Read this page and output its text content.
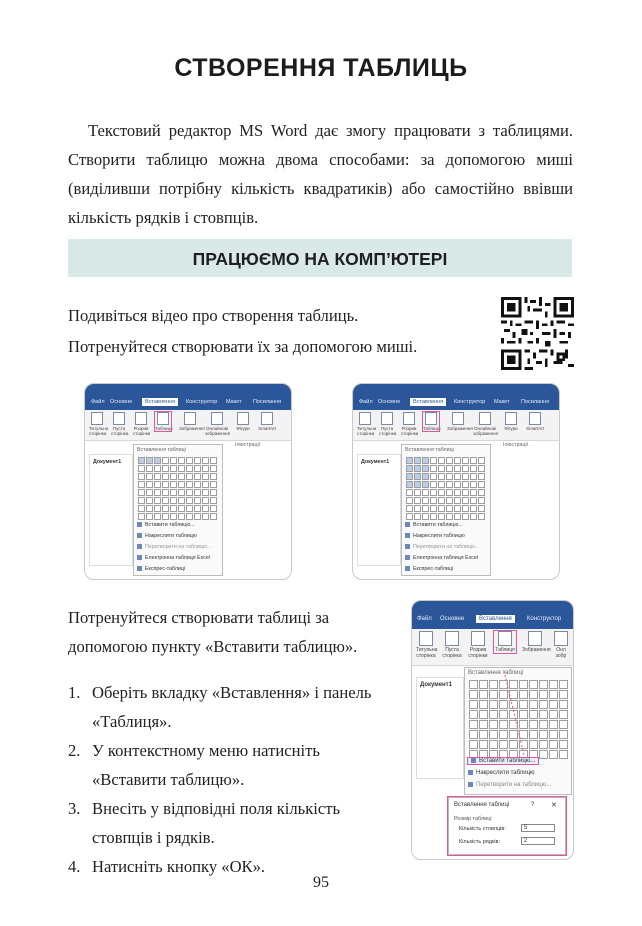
СТВОРЕННЯ ТАБЛИЦЬ

Текстовий редактор MS Word дає змогу працювати з таблицями. Створити таблицю можна двома способами: за допомогою миші (виділивши потрібну кількість квадратиків) або самостійно ввівши кількість рядків і стовпців.

ПРАЦЮЄМО НА КОМП’ЮТЕРІ
Подивіться відео про створення таблиць.
Потренуйтеся створювати їх за допомогою миші.
Файл Основне	Вставлення	Конструктор Макет Посилання
Титульна сторінка
Пуста сторінка
Розрив сторінки
Таблиця Зображення Онлайнові зображення
Фігури	SmartArt
Документ1
Вставлення таблиці
Вставити таблицю...
Накреслити таблицю
Перетворити на таблицю...
Електронна таблиця Excel
Експрес-таблиці
Ілюстрації
Файл Основне	Вставлення	Конструктор Макет Посилання
Титульна сторінка
Пуста сторінка
Розрив сторінки
Таблиця Зображення Онлайнові зображення
Фігури	SmartArt
Документ1
Вставлення таблиці
Вставити таблицю...
Накреслити таблицю
Перетворити на таблицю...
Електронна таблиця Excel
Експрес-таблиці
Ілюстрації
Потренуйтеся створювати таблиці за допомогою пункту «Вставити таблицю».
1. Оберіть вкладку «Вставлення» і панель «Таблиця».
2. У контекстному меню натисніть «Вставити таблицю».
3. Внесіть у відповідні поля кількість стовпців і рядків.
4. Натисніть кнопку «ОК».
Файл Основне	Вставлення	Конструктор
Титульна сторінка
Пуста сторінка
Розрив сторінки
Таблиця Зображення	Онл зобр
Документ1
Вставлення таблиці
Вставити таблицю...
Накреслити таблицю
Перетворити на таблицю...
Вставлення таблиці	? ✕
Розмір таблиці
Кількість стовпців:	5
Кількість рядків:	2
95
